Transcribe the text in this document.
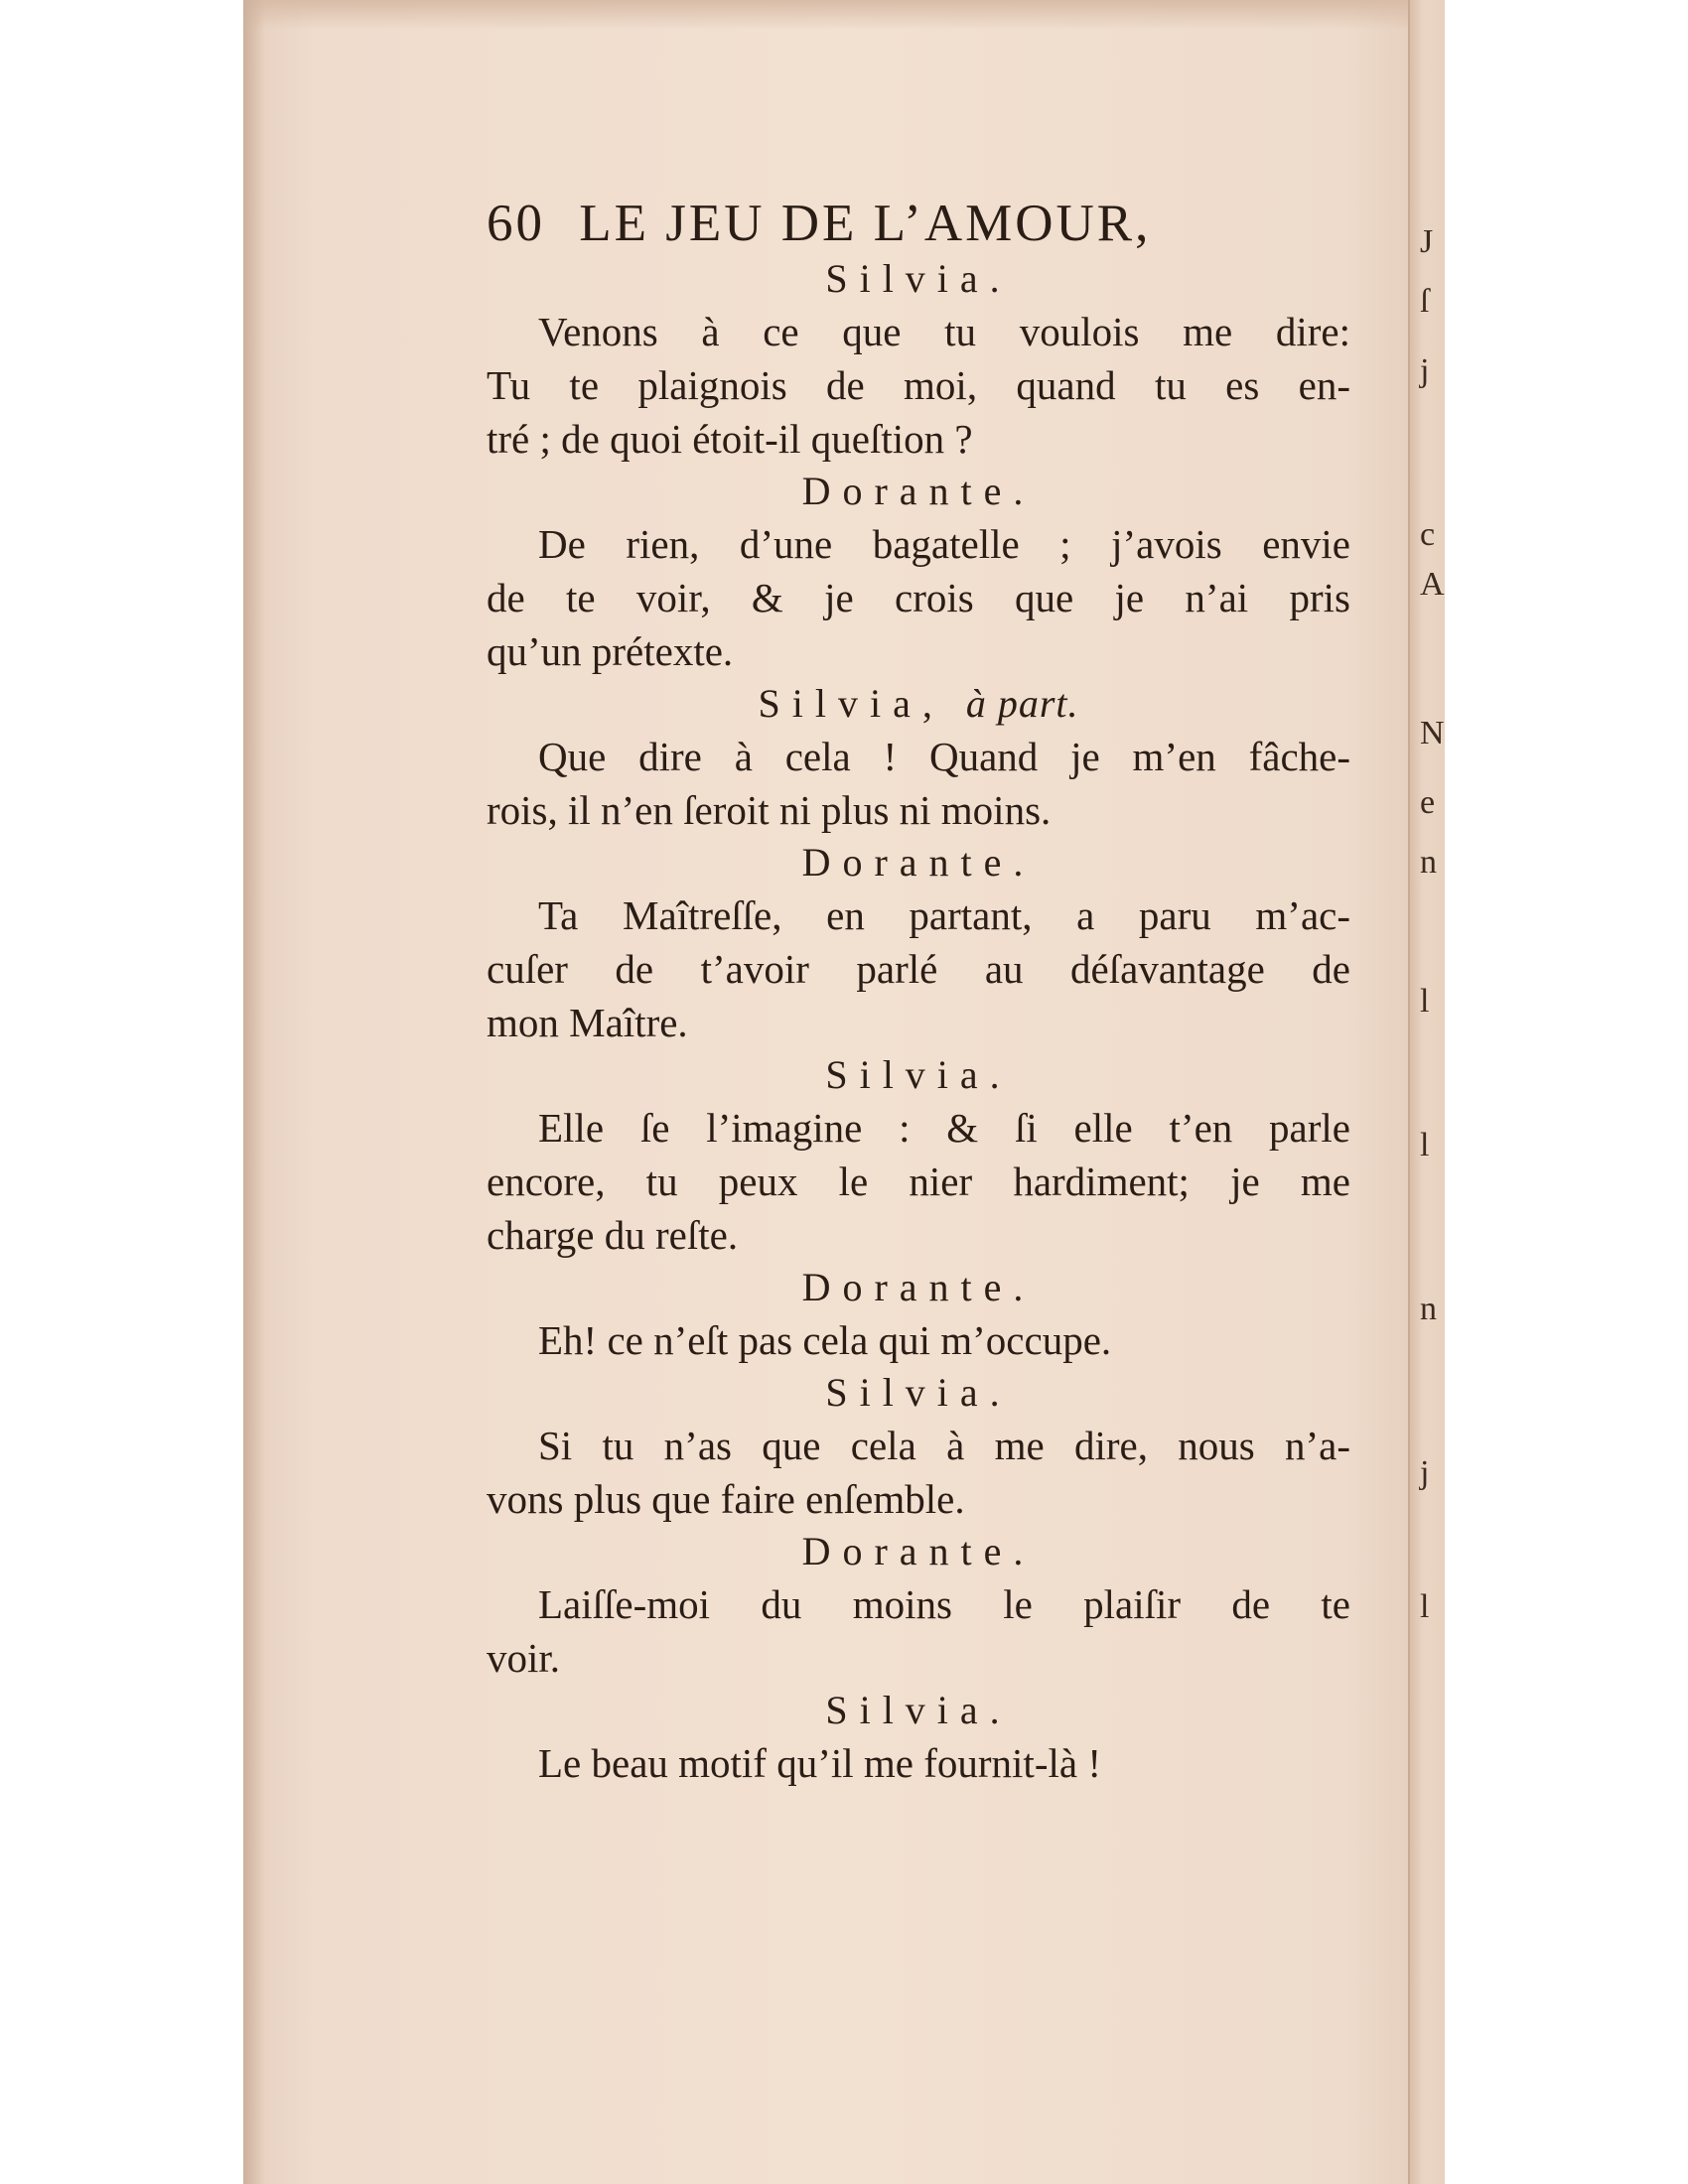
J
ſ
j
c
A
N
e
n
l
l
n
j
l
60 LE JEU DE L’AMOUR,
Silvia.
Venons à ce que tu voulois me dire:
Tu te plaignois de moi, quand tu es en-
tré ; de quoi étoit-il queſtion ?
Dorante.
De rien, d’une bagatelle ; j’avois envie
de te voir, & je crois que je n’ai pris
qu’un prétexte.
Silvia, à part.
Que dire à cela ! Quand je m’en fâche-
rois, il n’en ſeroit ni plus ni moins.
Dorante.
Ta Maîtreſſe, en partant, a paru m’ac-
cuſer de t’avoir parlé au déſavantage de
mon Maître.
Silvia.
Elle ſe l’imagine : & ſi elle t’en parle
encore, tu peux le nier hardiment; je me
charge du reſte.
Dorante.
Eh! ce n’eſt pas cela qui m’occupe.
Silvia.
Si tu n’as que cela à me dire, nous n’a-
vons plus que faire enſemble.
Dorante.
Laiſſe-moi du moins le plaiſir de te
voir.
Silvia.
Le beau motif qu’il me fournit-là !
